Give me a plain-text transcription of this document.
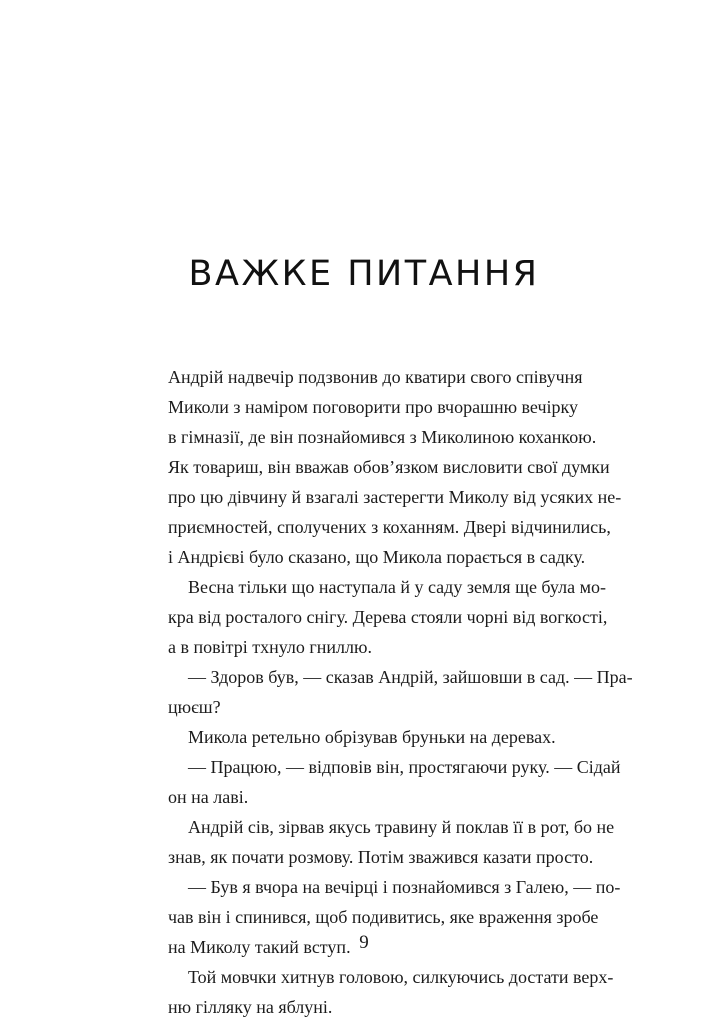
ВАЖКЕ ПИТАННЯ
Андрій надвечір подзвонив до кватири свого співучня
Миколи з наміром поговорити про вчорашню вечірку
в гімназії, де він познайомився з Миколиною коханкою.
Як товариш, він вважав обов’язком висловити свої думки
про цю дівчину й взагалі застерегти Миколу від усяких не-
приємностей, сполучених з коханням. Двері відчинились,
і Андрієві було сказано, що Микола порається в садку.
Весна тільки що наступала й у саду земля ще була мо-
кра від росталого снігу. Дерева стояли чорні від вогкості,
а в повітрі тхнуло гниллю.
— Здоров був, — сказав Андрій, зайшовши в сад. — Пра-
цюєш?
Микола ретельно обрізував бруньки на деревах.
— Працюю, — відповів він, простягаючи руку. — Сідай
он на лаві.
Андрій сів, зірвав якусь травину й поклав її в рот, бо не
знав, як почати розмову. Потім зважився казати просто.
— Був я вчора на вечірці і познайомився з Галею, — по-
чав він і спинився, щоб подивитись, яке враження зробе
на Миколу такий вступ.
Той мовчки хитнув головою, силкуючись достати верх-
ню гілляку на яблуні.
9
